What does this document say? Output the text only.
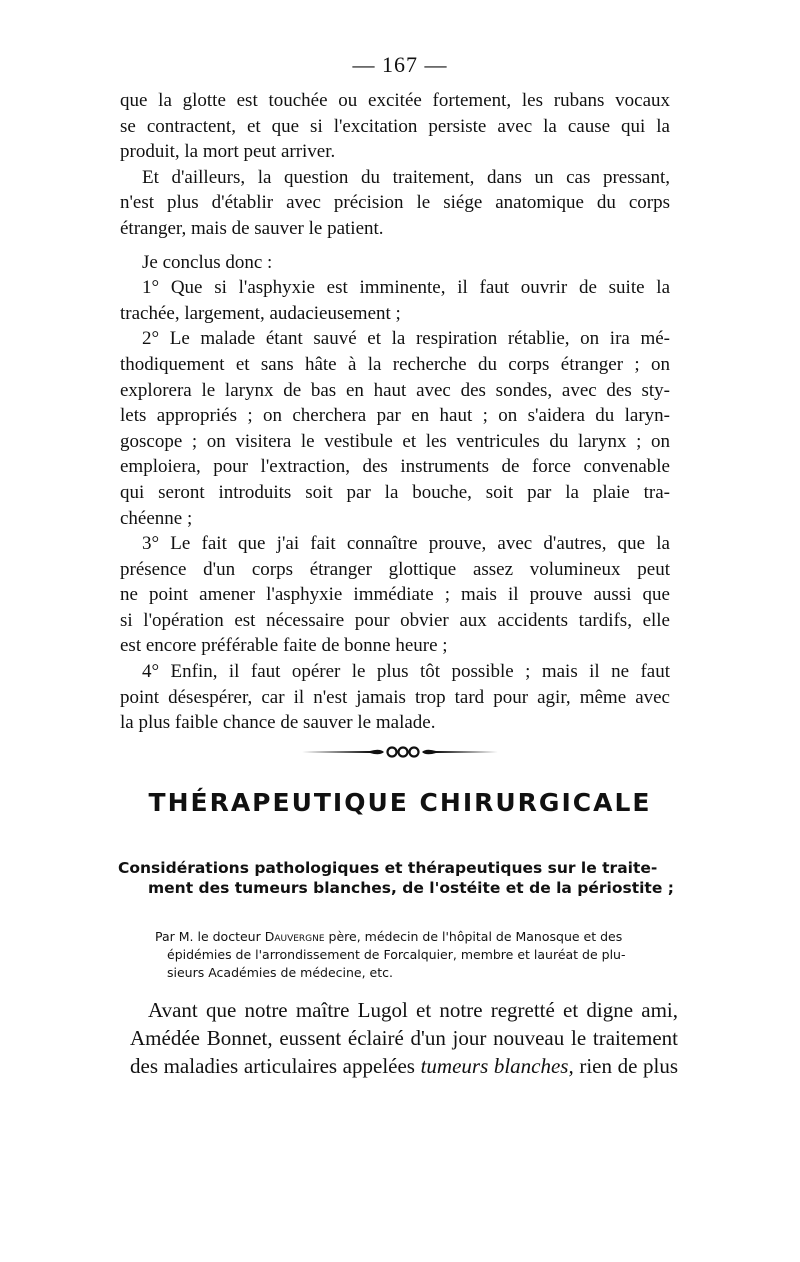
— 167 —

que la glotte est touchée ou excitée fortement, les rubans vocaux
se contractent, et que si l'excitation persiste avec la cause qui la
produit, la mort peut arriver.

Et d'ailleurs, la question du traitement, dans un cas pressant,
n'est plus d'établir avec précision le siége anatomique du corps
étranger, mais de sauver le patient.

Je conclus donc :

1° Que si l'asphyxie est imminente, il faut ouvrir de suite la
trachée, largement, audacieusement ;

2° Le malade étant sauvé et la respiration rétablie, on ira mé-
thodiquement et sans hâte à la recherche du corps étranger ; on
explorera le larynx de bas en haut avec des sondes, avec des sty-
lets appropriés ; on cherchera par en haut ; on s'aidera du laryn-
goscope ; on visitera le vestibule et les ventricules du larynx ; on
emploiera, pour l'extraction, des instruments de force convenable
qui seront introduits soit par la bouche, soit par la plaie tra-
chéenne ;

3° Le fait que j'ai fait connaître prouve, avec d'autres, que la
présence d'un corps étranger glottique assez volumineux peut
ne point amener l'asphyxie immédiate ; mais il prouve aussi que
si l'opération est nécessaire pour obvier aux accidents tardifs, elle
est encore préférable faite de bonne heure ;

4° Enfin, il faut opérer le plus tôt possible ; mais il ne faut
point désespérer, car il n'est jamais trop tard pour agir, même avec
la plus faible chance de sauver le malade.

THÉRAPEUTIQUE CHIRURGICALE
Considérations pathologiques et thérapeutiques sur le traite-
ment des tumeurs blanches, de l'ostéite et de la périostite ;
Par M. le docteur Dauvergne père, médecin de l'hôpital de Manosque et des
épidémies de l'arrondissement de Forcalquier, membre et lauréat de plu-
sieurs Académies de médecine, etc.
Avant que notre maître Lugol et notre regretté et digne ami,
Amédée Bonnet, eussent éclairé d'un jour nouveau le traitement
des maladies articulaires appelées tumeurs blanches, rien de plus
